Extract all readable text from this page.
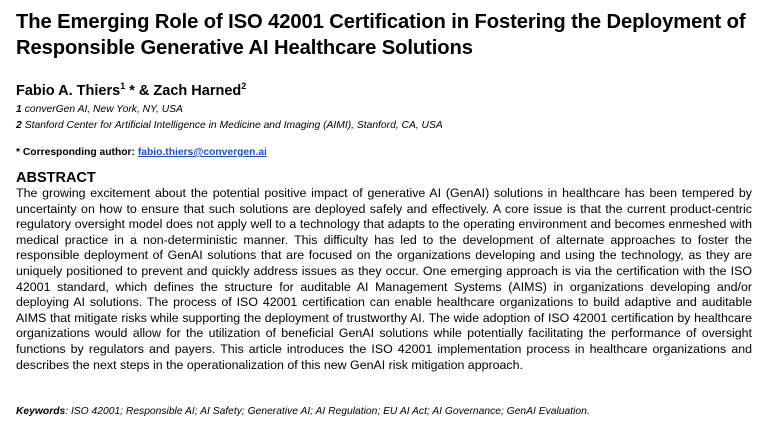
The Emerging Role of ISO 42001 Certification in Fostering the Deployment of Responsible Generative AI Healthcare Solutions
Fabio A. Thiers$^1$ * & Zach Harned$^2$
1 converGen AI, New York, NY, USA
2 Stanford Center for Artificial Intelligence in Medicine and Imaging (AIMI), Stanford, CA, USA
* Corresponding author: fabio.thiers@convergen.ai
ABSTRACT
The growing excitement about the potential positive impact of generative AI (GenAI) solutions in healthcare has been tempered by uncertainty on how to ensure that such solutions are deployed safely and effectively. A core issue is that the current product-centric regulatory oversight model does not apply well to a technology that adapts to the operating environment and becomes enmeshed with medical practice in a non-deterministic manner. This difficulty has led to the development of alternate approaches to foster the responsible deployment of GenAI solutions that are focused on the organizations developing and using the technology, as they are uniquely positioned to prevent and quickly address issues as they occur. One emerging approach is via the certification with the ISO 42001 standard, which defines the structure for auditable AI Management Systems (AIMS) in organizations developing and/or deploying AI solutions. The process of ISO 42001 certification can enable healthcare organizations to build adaptive and auditable AIMS that mitigate risks while supporting the deployment of trustworthy AI. The wide adoption of ISO 42001 certification by healthcare organizations would allow for the utilization of beneficial GenAI solutions while potentially facilitating the performance of oversight functions by regulators and payers. This article introduces the ISO 42001 implementation process in healthcare organizations and describes the next steps in the operationalization of this new GenAI risk mitigation approach.
Keywords: ISO 42001; Responsible AI; AI Safety; Generative AI; AI Regulation; EU AI Act; AI Governance; GenAI Evaluation.
